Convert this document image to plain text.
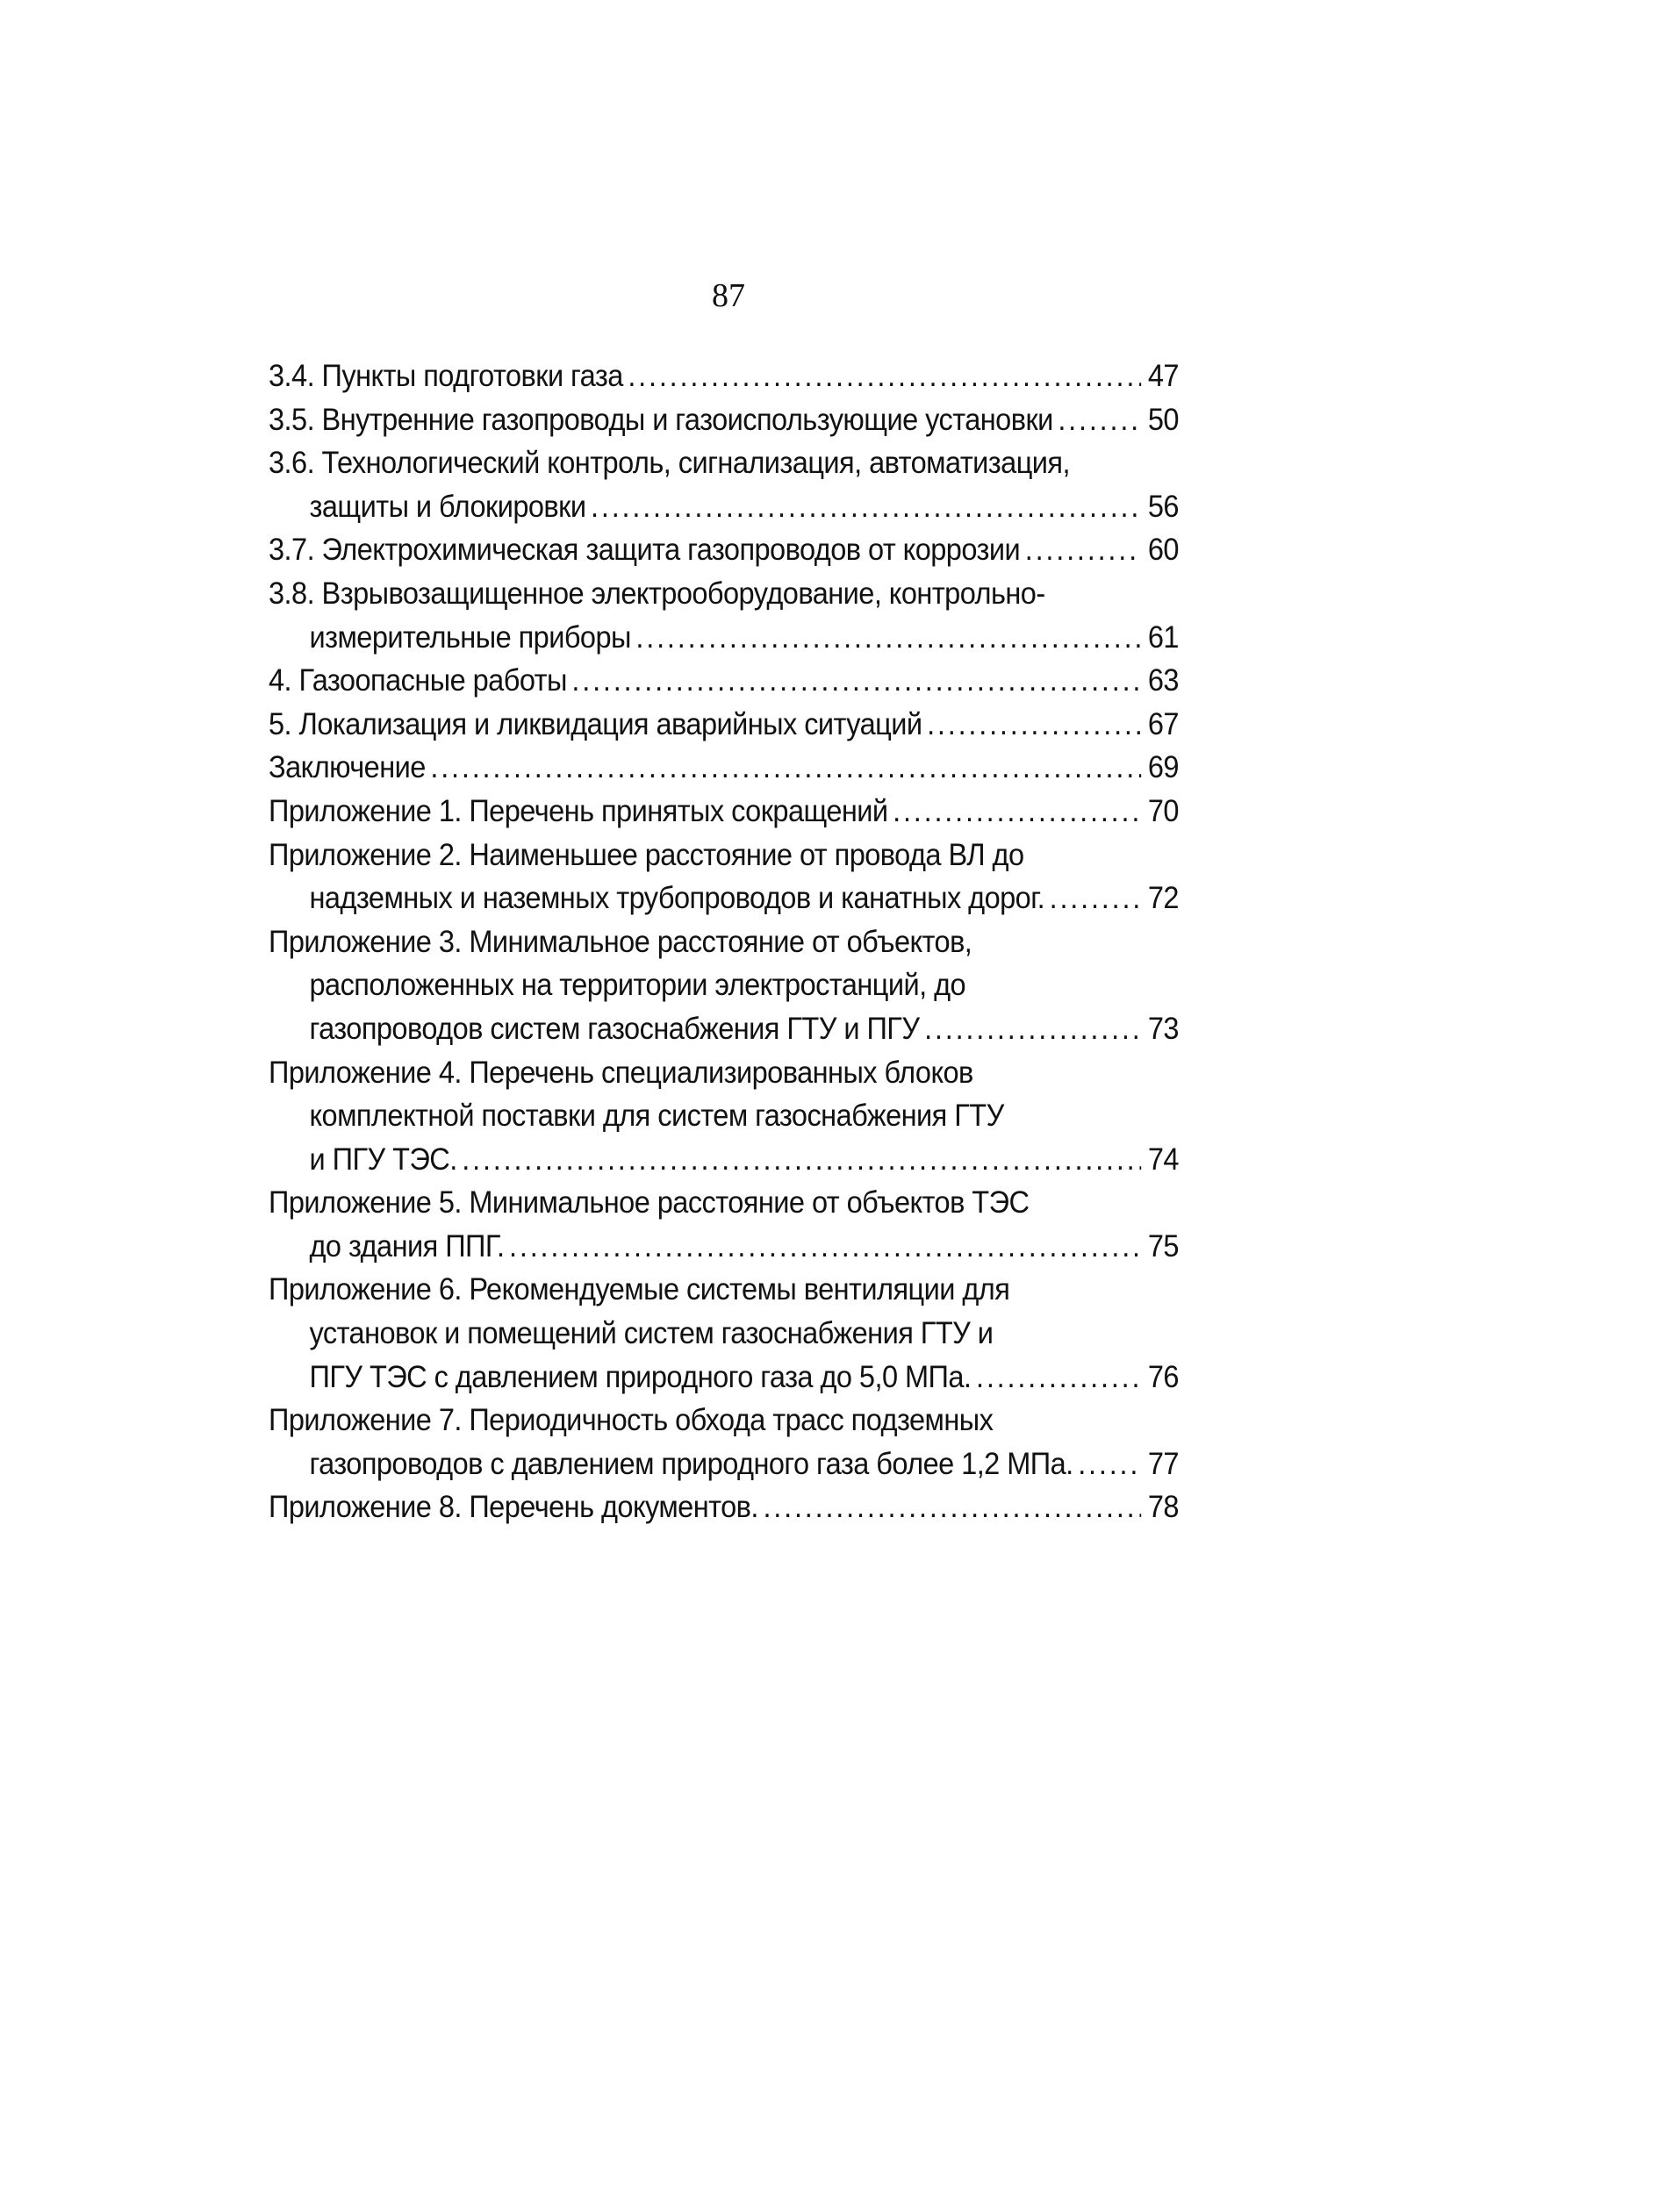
87
3.4. Пункты подготовки газа .....	47
3.5. Внутренние газопроводы и газоиспользующие установки .....	50
3.6. Технологический контроль, сигнализация, автоматизация,
защиты и блокировки .....	56
3.7. Электрохимическая защита газопроводов от коррозии .....	60
3.8. Взрывозащищенное электрооборудование, контрольно-
измерительные приборы .....	61
4. Газоопасные работы .....	63
5. Локализация и ликвидация аварийных ситуаций .....	67
Заключение .....	69
Приложение 1. Перечень принятых сокращений .....	70
Приложение 2. Наименьшее расстояние от провода ВЛ до
надземных и наземных трубопроводов и канатных дорог. .....	72
Приложение 3. Минимальное расстояние от объектов,
расположенных на территории электростанций, до
газопроводов систем газоснабжения ГТУ и ПГУ .....	73
Приложение 4. Перечень специализированных блоков
комплектной поставки для систем газоснабжения ГТУ
и ПГУ ТЭС. .....	74
Приложение 5. Минимальное расстояние от объектов ТЭС
до здания ППГ. .....	75
Приложение 6. Рекомендуемые системы вентиляции для
установок и помещений систем газоснабжения ГТУ и
ПГУ ТЭС с давлением природного газа до 5,0 МПа. .....	76
Приложение 7. Периодичность обхода трасс подземных
газопроводов с давлением природного газа более 1,2 МПа. ..... 77
Приложение 8. Перечень документов. .....	78
